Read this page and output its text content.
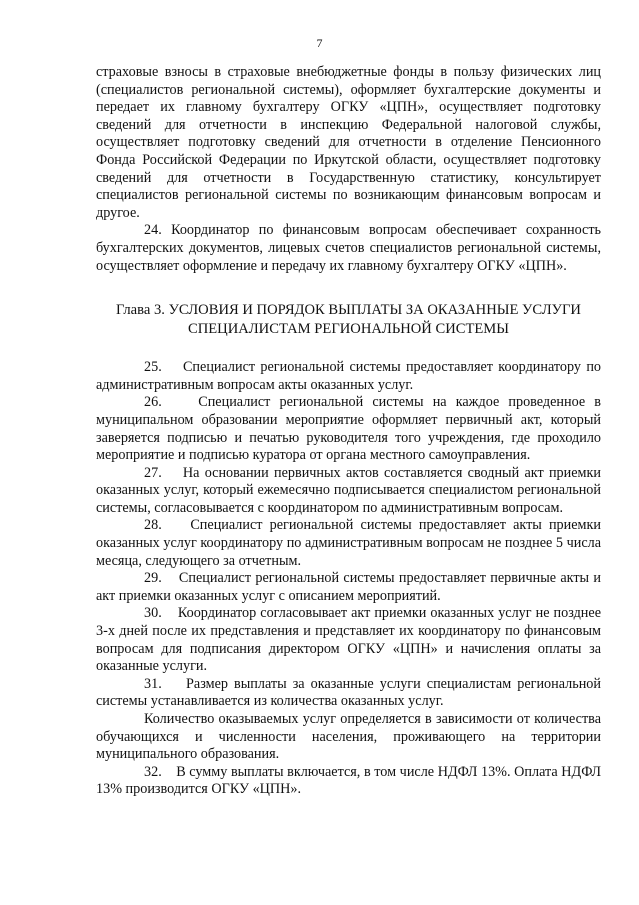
7

страховые взносы в страховые внебюджетные фонды в пользу физических лиц (специалистов региональной системы), оформляет бухгалтерские документы и передает их главному бухгалтеру ОГКУ «ЦПН», осуществляет подготовку сведений для отчетности в инспекцию Федеральной налоговой службы, осуществляет подготовку сведений для отчетности в отделение Пенсионного Фонда Российской Федерации по Иркутской области, осуществляет подготовку сведений для отчетности в Государственную статистику, консультирует специалистов региональной системы по возникающим финансовым вопросам и другое.

24. Координатор по финансовым вопросам обеспечивает сохранность бухгалтерских документов, лицевых счетов специалистов региональной системы, осуществляет оформление и передачу их главному бухгалтеру ОГКУ «ЦПН».

Глава 3. УСЛОВИЯ И ПОРЯДОК ВЫПЛАТЫ ЗА ОКАЗАННЫЕ УСЛУГИ
СПЕЦИАЛИСТАМ РЕГИОНАЛЬНОЙ СИСТЕМЫ

25.    Специалист региональной системы предоставляет координатору по административным вопросам акты оказанных услуг.

26.    Специалист региональной системы на каждое проведенное в муниципальном образовании мероприятие оформляет первичный акт, который заверяется подписью и печатью руководителя того учреждения, где проходило мероприятие и подписью куратора от органа местного самоуправления.

27.    На основании первичных актов составляется сводный акт приемки оказанных услуг, который ежемесячно подписывается специалистом региональной системы, согласовывается с координатором по административным вопросам.

28.    Специалист региональной системы предоставляет акты приемки оказанных услуг координатору по административным вопросам не позднее 5 числа месяца, следующего за отчетным.

29.    Специалист региональной системы предоставляет первичные акты и акт приемки оказанных услуг с описанием мероприятий.

30.    Координатор согласовывает акт приемки оказанных услуг не позднее 3-х дней после их представления и представляет их координатору по финансовым вопросам для подписания директором ОГКУ «ЦПН» и начисления оплаты за оказанные услуги.

31.    Размер выплаты за оказанные услуги специалистам региональной системы устанавливается из количества оказанных услуг.

Количество оказываемых услуг определяется в зависимости от количества обучающихся и численности населения, проживающего на территории муниципального образования.

32.    В сумму выплаты включается, в том числе НДФЛ 13%. Оплата НДФЛ 13% производится ОГКУ «ЦПН».
